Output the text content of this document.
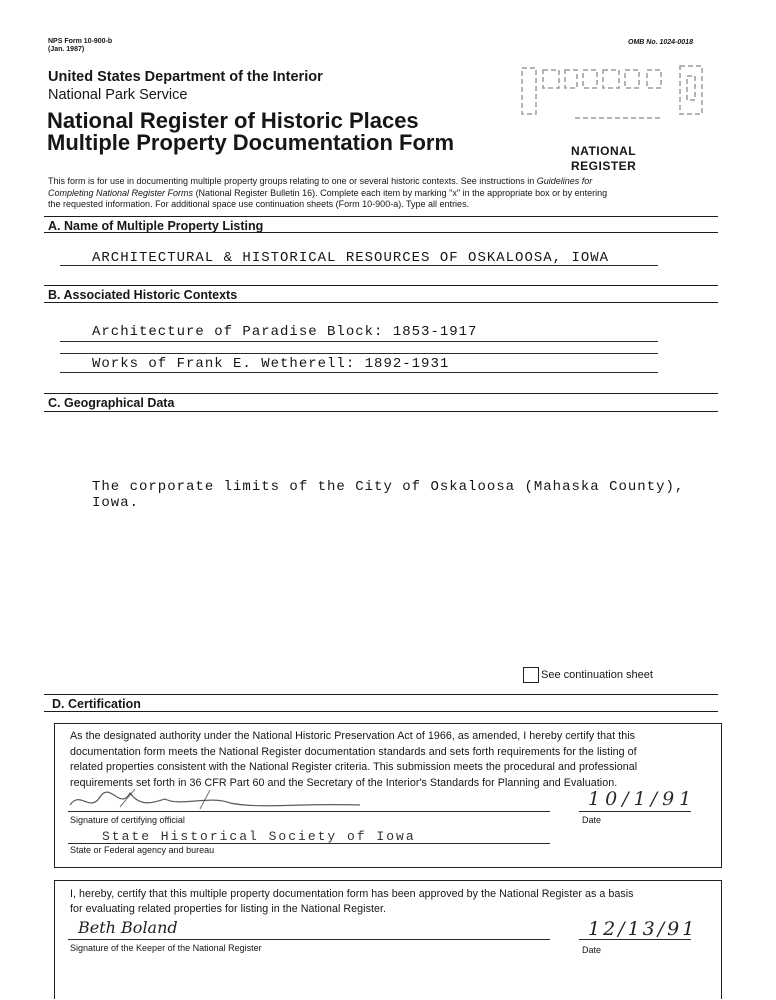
NPS Form 10-900-b
(Jan. 1987)
OMB No. 1024-0018
United States Department of the Interior
National Park Service
National Register of Historic Places
Multiple Property Documentation Form	NATIONAL
REGISTER
This form is for use in documenting multiple property groups relating to one or several historic contexts. See instructions in Guidelines for
Completing National Register Forms (National Register Bulletin 16). Complete each item by marking "x" in the appropriate box or by entering
the requested information. For additional space use continuation sheets (Form 10-900-a). Type all entries.
A. Name of Multiple Property Listing
ARCHITECTURAL & HISTORICAL RESOURCES OF OSKALOOSA, IOWA
B. Associated Historic Contexts
Architecture of Paradise Block: 1853-1917
Works of Frank E. Wetherell: 1892-1931
C. Geographical Data
The corporate limits of the City of Oskaloosa (Mahaska County),
Iowa.
See continuation sheet
D. Certification
As the designated authority under the National Historic Preservation Act of 1966, as amended, I hereby certify that this
documentation form meets the National Register documentation standards and sets forth requirements for the listing of
related properties consistent with the National Register criteria. This submission meets the procedural and professional
requirements set forth in 36 CFR Part 60 and the Secretary of the Interior's Standards for Planning and Evaluation.
Signature of certifying official
10/1/91
Date
State Historical Society of Iowa
State or Federal agency and bureau
I, hereby, certify that this multiple property documentation form has been approved by the National Register as a basis
for evaluating related properties for listing in the National Register.
Beth Boland
Signature of the Keeper of the National Register
12/13/91
Date
